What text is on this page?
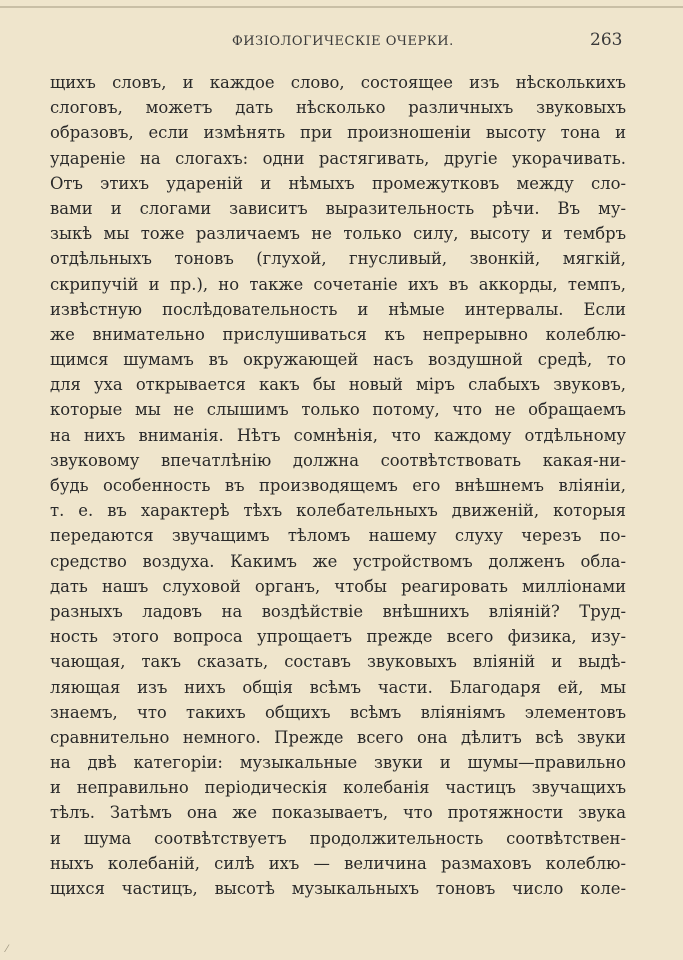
ФИЗІОЛОГИЧЕСКІЕ ОЧЕРКИ.	263
щихъ словъ, и каждое слово, состоящее изъ нѣсколькихъ
слоговъ, можетъ дать нѣсколько различныхъ звуковыхъ
образовъ, если измѣнять при произношеніи высоту тона и
удареніе на слогахъ: одни растягивать, другіе укорачивать.
Отъ этихъ ударенiй и нѣмыхъ промежутковъ между сло-
вами и слогами зависитъ выразительность рѣчи. Въ му-
зыкѣ мы тоже различаемъ не только силу, высоту и тембръ
отдѣльныхъ тоновъ (глухой, гнусливый, звонкій, мягкій,
скрипучій и пр.), но также сочетаніе ихъ въ аккорды, темпъ,
извѣстную послѣдовательность и нѣмые интервалы. Если
же внимательно прислушиваться къ непрерывно колеблю-
щимся шумамъ въ окружающей насъ воздушной средѣ, то
для уха открывается какъ бы новый міръ слабыхъ звуковъ,
которые мы не слышимъ только потому, что не обращаемъ
на нихъ вниманія. Нѣтъ сомнѣнія, что каждому отдѣльному
звуковому впечатлѣнію должна соотвѣтствовать какая-ни-
будь особенность въ производящемъ его внѣшнемъ вліяніи,
т. е. въ характерѣ тѣхъ колебательныхъ движеній, которыя
передаются звучащимъ тѣломъ нашему слуху черезъ по-
средство воздуха. Какимъ же устройствомъ долженъ обла-
дать нашъ слуховой органъ, чтобы реагировать милліонами
разныхъ ладовъ на воздѣйствіе внѣшнихъ вліяній? Труд-
ность этого вопроса упрощаетъ прежде всего физика, изу-
чающая, такъ сказать, составъ звуковыхъ вліяній и выдѣ-
ляющая изъ нихъ общія всѣмъ части. Благодаря ей, мы
знаемъ, что такихъ общихъ всѣмъ вліяніямъ элементовъ
сравнительно немного. Прежде всего она дѣлитъ всѣ звуки
на двѣ категоріи: музыкальные звуки и шумы—правильно
и неправильно періодическія колебанія частицъ звучащихъ
тѣлъ. Затѣмъ она же показываетъ, что протяжности звука
и шума соотвѣтствуетъ продолжительность соотвѣтствен-
ныхъ колебаній, силѣ ихъ — величина размаховъ колеблю-
щихся частицъ, высотѣ музыкальныхъ тоновъ число коле-
⁄
